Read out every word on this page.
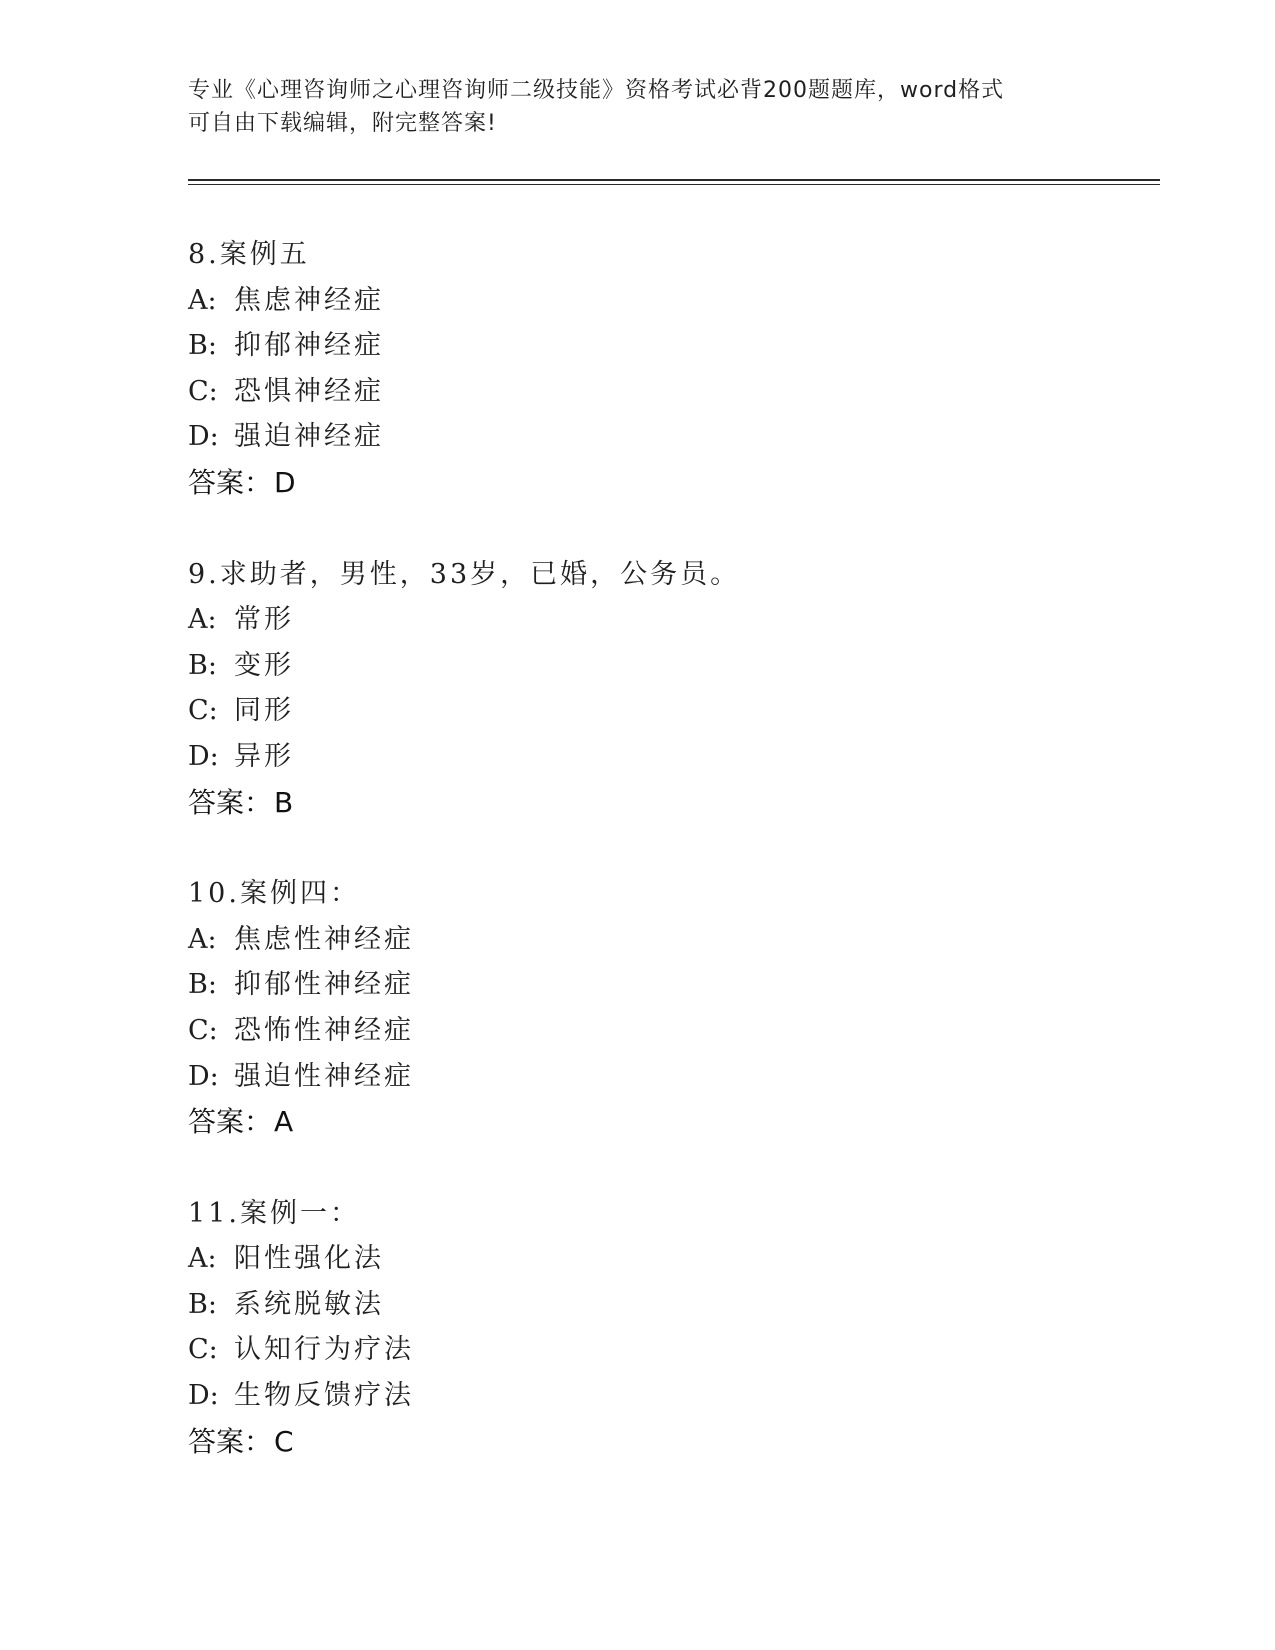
专业《心理咨询师之心理咨询师二级技能》资格考试必背200题题库，word格式
可自由下载编辑，附完整答案!
8.案例五
A: 焦虑神经症
B: 抑郁神经症
C: 恐惧神经症
D: 强迫神经症
答案：D
9.求助者，男性，33岁，已婚，公务员。
A: 常形
B: 变形
C: 同形
D: 异形
答案：B
10.案例四：
A: 焦虑性神经症
B: 抑郁性神经症
C: 恐怖性神经症
D: 强迫性神经症
答案：A
11.案例一：
A: 阳性强化法
B: 系统脱敏法
C: 认知行为疗法
D: 生物反馈疗法
答案：C
